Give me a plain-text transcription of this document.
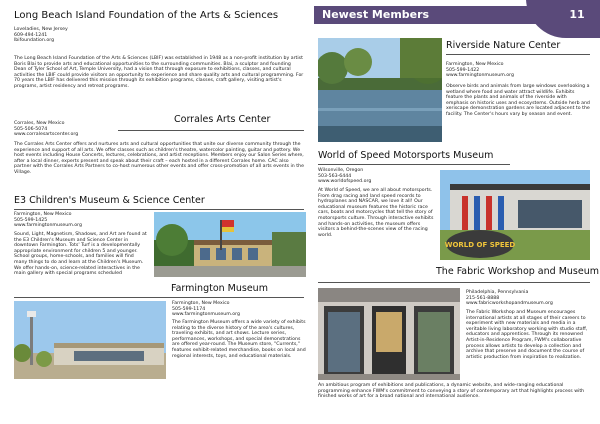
Newest Members	11
Long Beach Island Foundation of the Arts & Sciences
Loveladies, New Jersey
609-494-1241
lbifoundation.org
The Long Beach Island Foundation of the Arts & Sciences (LBIF) was established in 1948 as a non-profit institution by artist Boris Blai to provide arts and educational opportunities to the surrounding communities. Blai, a sculptor and founding Dean of Tyler School of Art, Temple University, had a vision that through exposure to exhibitions, classes, and cultural activities the LBIF could provide visitors an opportunity to experience and share quality arts and cultural programming. For 70 years the LBIF has delivered this mission through its exhibition programs, classes, craft gallery, visiting artist's programs, artist residency and retreat programs.
Corrales Arts Center
Corrales, New Mexico
505-506-5074
www.corralesartscenter.org
The Corrales Arts Center offers and nurtures arts and cultural opportunities that unite our diverse community through the experience and support of all arts. We offer classes such as children's theatre, watercolor painting, guitar and pottery. We host events including House Concerts, lectures, celebrations, and artist receptions. Members enjoy our Salon Series where, after a local dinner, experts present and speak about their craft – each hosted in a different Corrales home. CAC also partner with the Corrales Arts Partners to co-host numerous other events and offer cross-promotion of all arts events in the Village.
E3 Children's Museum & Science Center
Farmington, New Mexico
505-599-1425
www.farmingtonmuseum.org
Sound, Light, Magnetism, Shadows, and Art are found at the E3 Children's Museum and Science Center in downtown Farmington. Tots' Turf is a developmentally appropriate environment for children 5 and younger. School groups, home-schools, and families will find many things to do and learn at the Children's Museum. We offer hands-on, science-related interactives in the main gallery with special programs scheduled
Farmington Museum
Farmington, New Mexico
505-599-1174
www.farmingtonmuseum.org
The Farmington Museum offers a wide variety of exhibits relating to the diverse history of the area's cultures, traveling exhibits, and art shows. Lecture series, performances, workshops, and special demonstrations are offered year-round. The Museum store, "Currents," features exhibit-related merchandise, books on local and regional interests, toys, and educational materials.
Riverside Nature Center
Farmington, New Mexico
505-599-1422
www.farmingtonmuseum.org
Observe birds and animals from large windows overlooking a wetland where food and water attract wildlife. Exhibits feature the plants and animals of the riverside with emphasis on historic uses and ecosystems. Outside herb and xeriscape demonstration gardens are located adjacent to the facility. The Center's hours vary by season and event.
World of Speed Motorsports Museum
Wilsonville, Oregon
503-563-6444
www.worldofspeed.org
At World of Speed, we are all about motorsports. From drag racing and land speed records to hydroplanes and NASCAR, we love it all! Our educational museum features the historic race cars, boats and motorcycles that tell the story of motorsports culture. Through interactive exhibits and hands-on activities, the museum offers visitors a behind-the-scenes view of the racing world.
WORLD OF SPEED
The Fabric Workshop and Museum
Philadelphia, Pennsylvania
215-561-8888
www.fabricworkshopandmuseum.org
The Fabric Workshop and Museum encourages international artists at all stages of their careers to experiment with new materials and media in a veritable living laboratory working with studio staff, educators and apprentices. Through its renowned Artist-in-Residence Program, FWM's collaborative process allows artists to develop a collection and archive that preserve and document the course of artistic production from inspiration to realization.
An ambitious program of exhibitions and publications, a dynamic website, and wide-ranging educational programming enhance FWM's commitment to conveying a story of contemporary art that highlights process with finished works of art for a broad national and international audience.
